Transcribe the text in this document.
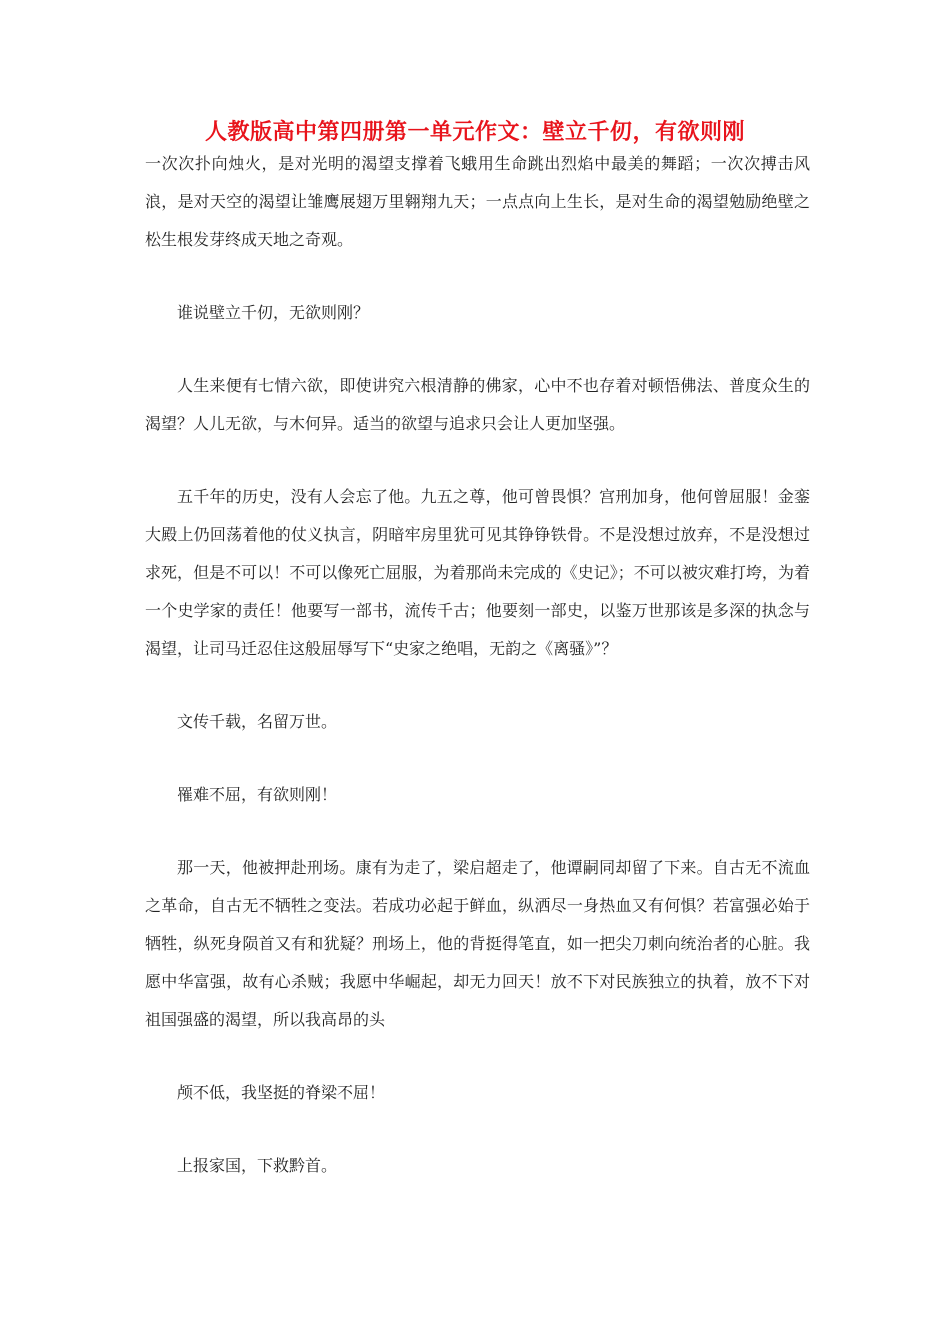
人教版高中第四册第一单元作文：壁立千仞，有欲则刚

一次次扑向烛火，是对光明的渴望支撑着飞蛾用生命跳出烈焰中最美的舞蹈；一次次搏击风浪，是对天空的渴望让雏鹰展翅万里翱翔九天；一点点向上生长，是对生命的渴望勉励绝壁之松生根发芽终成天地之奇观。

谁说壁立千仞，无欲则刚？

人生来便有七情六欲，即使讲究六根清静的佛家，心中不也存着对顿悟佛法、普度众生的渴望？人儿无欲，与木何异。适当的欲望与追求只会让人更加坚强。

五千年的历史，没有人会忘了他。九五之尊，他可曾畏惧？宫刑加身，他何曾屈服！金銮大殿上仍回荡着他的仗义执言，阴暗牢房里犹可见其铮铮铁骨。不是没想过放弃，不是没想过求死，但是不可以！不可以像死亡屈服，为着那尚未完成的《史记》；不可以被灾难打垮，为着一个史学家的责任！他要写一部书，流传千古；他要刻一部史，以鉴万世那该是多深的执念与渴望，让司马迁忍住这般屈辱写下“史家之绝唱，无韵之《离骚》”？

文传千载，名留万世。

罹难不屈，有欲则刚！

那一天，他被押赴刑场。康有为走了，梁启超走了，他谭嗣同却留了下来。自古无不流血之革命，自古无不牺牲之变法。若成功必起于鲜血，纵洒尽一身热血又有何惧？若富强必始于牺牲，纵死身陨首又有和犹疑？刑场上，他的背挺得笔直，如一把尖刀刺向统治者的心脏。我愿中华富强，故有心杀贼；我愿中华崛起，却无力回天！放不下对民族独立的执着，放不下对祖国强盛的渴望，所以我高昂的头

颅不低，我坚挺的脊梁不屈！

上报家国，下救黔首。
